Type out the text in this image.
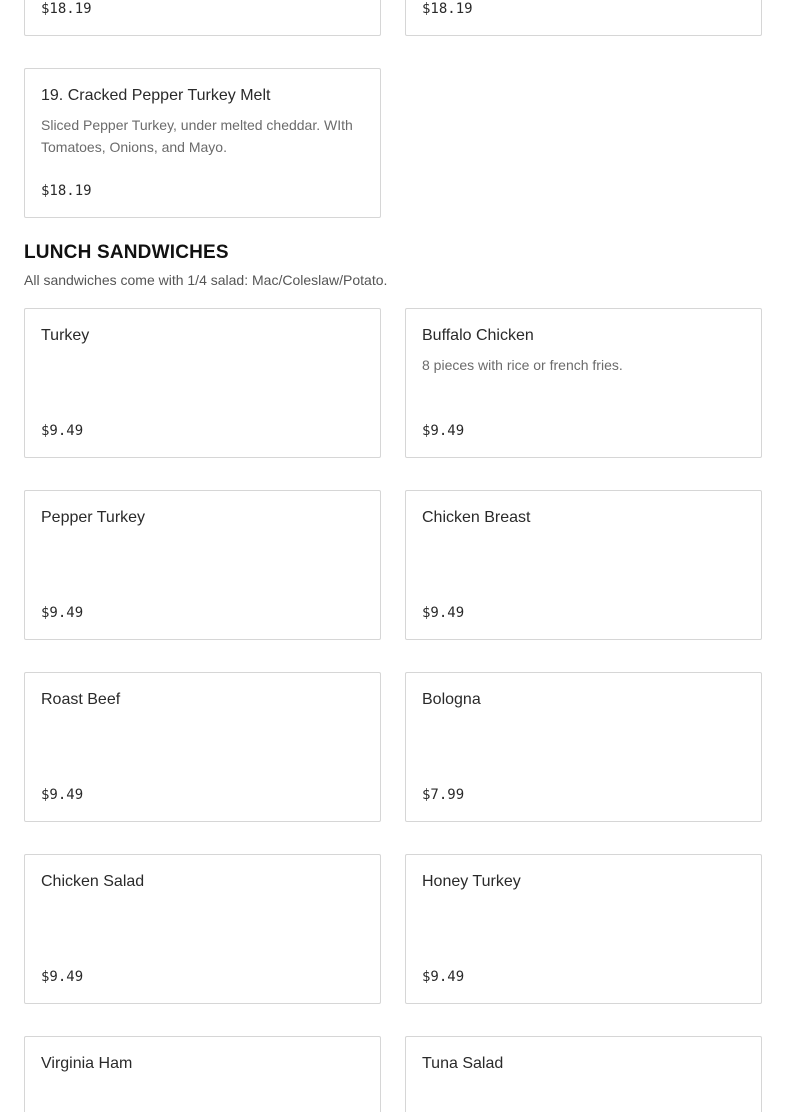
$18.19	$18.19
19. Cracked Pepper Turkey Melt
Sliced Pepper Turkey, under melted cheddar. WIth Tomatoes, Onions, and Mayo.
$18.19
LUNCH SANDWICHES
All sandwiches come with 1/4 salad: Mac/Coleslaw/Potato.
Turkey
$9.49
Buffalo Chicken
8 pieces with rice or french fries.
$9.49
Pepper Turkey
$9.49
Chicken Breast
$9.49
Roast Beef
$9.49
Bologna
$7.99
Chicken Salad
$9.49
Honey Turkey
$9.49
Virginia Ham	Tuna Salad
